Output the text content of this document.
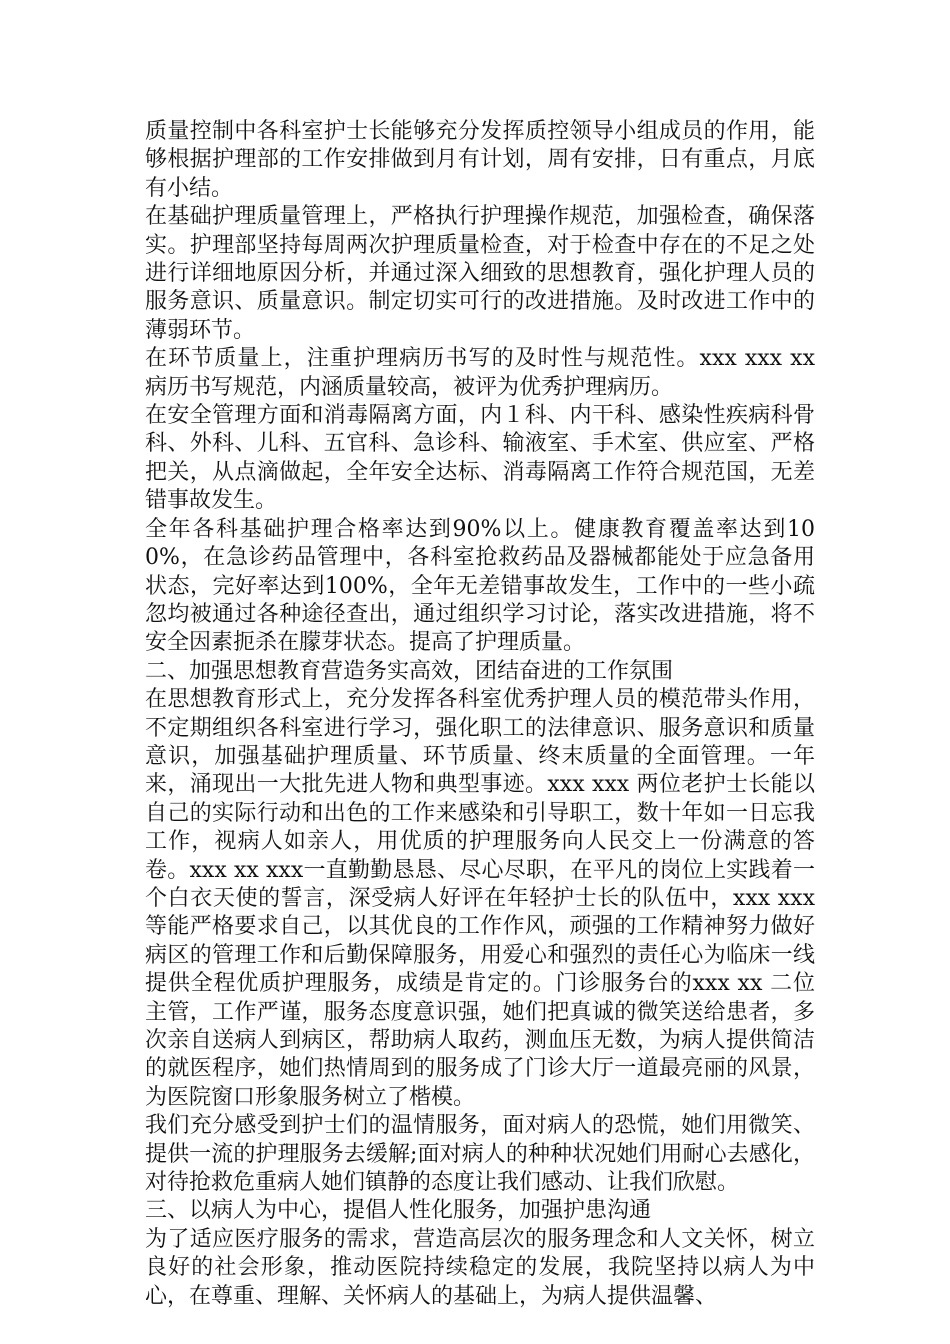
质量控制中各科室护士长能够充分发挥质控领导小组成员的作用，能够根据护理部的工作安排做到月有计划，周有安排，日有重点，月底有小结。

在基础护理质量管理上，严格执行护理操作规范，加强检查，确保落实。护理部坚持每周两次护理质量检查，对于检查中存在的不足之处进行详细地原因分析，并通过深入细致的思想教育，强化护理人员的服务意识、质量意识。制定切实可行的改进措施。及时改进工作中的薄弱环节。

在环节质量上，注重护理病历书写的及时性与规范性。xxx xxx xx 病历书写规范，内涵质量较高，被评为优秀护理病历。

在安全管理方面和消毒隔离方面，内１科、内干科、感染性疾病科骨科、外科、儿科、五官科、急诊科、输液室、手术室、供应室、严格把关，从点滴做起，全年安全达标、消毒隔离工作符合规范国，无差错事故发生。

全年各科基础护理合格率达到90%以上。健康教育覆盖率达到100%，在急诊药品管理中，各科室抢救药品及器械都能处于应急备用状态，完好率达到100%，全年无差错事故发生，工作中的一些小疏忽均被通过各种途径查出，通过组织学习讨论，落实改进措施，将不安全因素扼杀在朦芽状态。提高了护理质量。

二、加强思想教育营造务实高效，团结奋进的工作氛围

在思想教育形式上，充分发挥各科室优秀护理人员的模范带头作用，不定期组织各科室进行学习，强化职工的法律意识、服务意识和质量意识，加强基础护理质量、环节质量、终末质量的全面管理。一年来，涌现出一大批先进人物和典型事迹。xxx xxx 两位老护士长能以自己的实际行动和出色的工作来感染和引导职工，数十年如一日忘我工作，视病人如亲人，用优质的护理服务向人民交上一份满意的答卷。xxx xx xxx一直勤勤恳恳、尽心尽职，在平凡的岗位上实践着一个白衣天使的誓言，深受病人好评在年轻护士长的队伍中，xxx xxx 等能严格要求自己，以其优良的工作作风，顽强的工作精神努力做好病区的管理工作和后勤保障服务，用爱心和强烈的责任心为临床一线提供全程优质护理服务，成绩是肯定的。门诊服务台的xxx xx 二位主管，工作严谨，服务态度意识强，她们把真诚的微笑送给患者，多次亲自送病人到病区，帮助病人取药，测血压无数，为病人提供简洁的就医程序，她们热情周到的服务成了门诊大厅一道最亮丽的风景，为医院窗口形象服务树立了楷模。

我们充分感受到护士们的温情服务，面对病人的恐慌，她们用微笑、提供一流的护理服务去缓解;面对病人的种种状况她们用耐心去感化，对待抢救危重病人她们镇静的态度让我们感动、让我们欣慰。

三、以病人为中心，提倡人性化服务，加强护患沟通

为了适应医疗服务的需求，营造高层次的服务理念和人文关怀，树立良好的社会形象，推动医院持续稳定的发展，我院坚持以病人为中心，在尊重、理解、关怀病人的基础上，为病人提供温馨、
